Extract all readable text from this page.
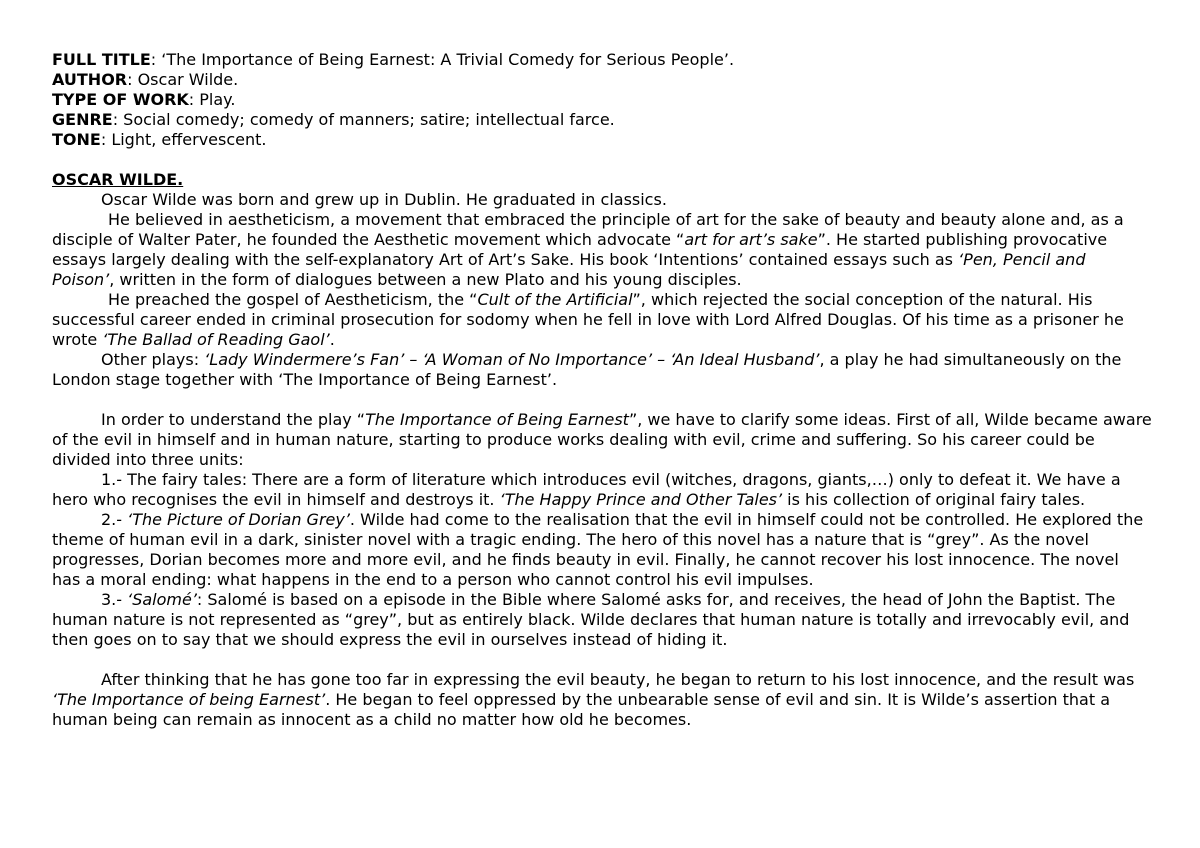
FULL TITLE: ‘The Importance of Being Earnest: A Trivial Comedy for Serious People’.

AUTHOR: Oscar Wilde.

TYPE OF WORK: Play.

GENRE: Social comedy; comedy of manners; satire; intellectual farce.

TONE: Light, effervescent.

OSCAR WILDE.

Oscar Wilde was born and grew up in Dublin. He graduated in classics.

He believed in aestheticism, a movement that embraced the principle of art for the sake of beauty and beauty alone and, as a disciple of Walter Pater, he founded the Aesthetic movement which advocate “art for art’s sake”. He started publishing provocative essays largely dealing with the self-explanatory Art of Art’s Sake. His book ‘Intentions’ contained essays such as ‘Pen, Pencil and Poison’, written in the form of dialogues between a new Plato and his young disciples.

He preached the gospel of Aestheticism, the “Cult of the Artificial”, which rejected the social conception of the natural. His successful career ended in criminal prosecution for sodomy when he fell in love with Lord Alfred Douglas. Of his time as a prisoner he wrote ‘The Ballad of Reading Gaol’.

Other plays: ‘Lady Windermere’s Fan’ – ‘A Woman of No Importance’ – ‘An Ideal Husband’, a play he had simultaneously on the London stage together with ‘The Importance of Being Earnest’.

In order to understand the play “The Importance of Being Earnest”, we have to clarify some ideas. First of all, Wilde became aware of the evil in himself and in human nature, starting to produce works dealing with evil, crime and suffering. So his career could be divided into three units:

1.- The fairy tales: There are a form of literature which introduces evil (witches, dragons, giants,…) only to defeat it. We have a hero who recognises the evil in himself and destroys it. ‘The Happy Prince and Other Tales’ is his collection of original fairy tales.

2.- ‘The Picture of Dorian Grey’. Wilde had come to the realisation that the evil in himself could not be controlled. He explored the theme of human evil in a dark, sinister novel with a tragic ending. The hero of this novel has a nature that is “grey”. As the novel progresses, Dorian becomes more and more evil, and he finds beauty in evil. Finally, he cannot recover his lost innocence. The novel has a moral ending: what happens in the end to a person who cannot control his evil impulses.

3.- ‘Salomé’: Salomé is based on a episode in the Bible where Salomé asks for, and receives, the head of John the Baptist. The human nature is not represented as “grey”, but as entirely black. Wilde declares that human nature is totally and irrevocably evil, and then goes on to say that we should express the evil in ourselves instead of hiding it.

After thinking that he has gone too far in expressing the evil beauty, he began to return to his lost innocence, and the result was ‘The Importance of being Earnest’. He began to feel oppressed by the unbearable sense of evil and sin. It is Wilde’s assertion that a human being can remain as innocent as a child no matter how old he becomes.
